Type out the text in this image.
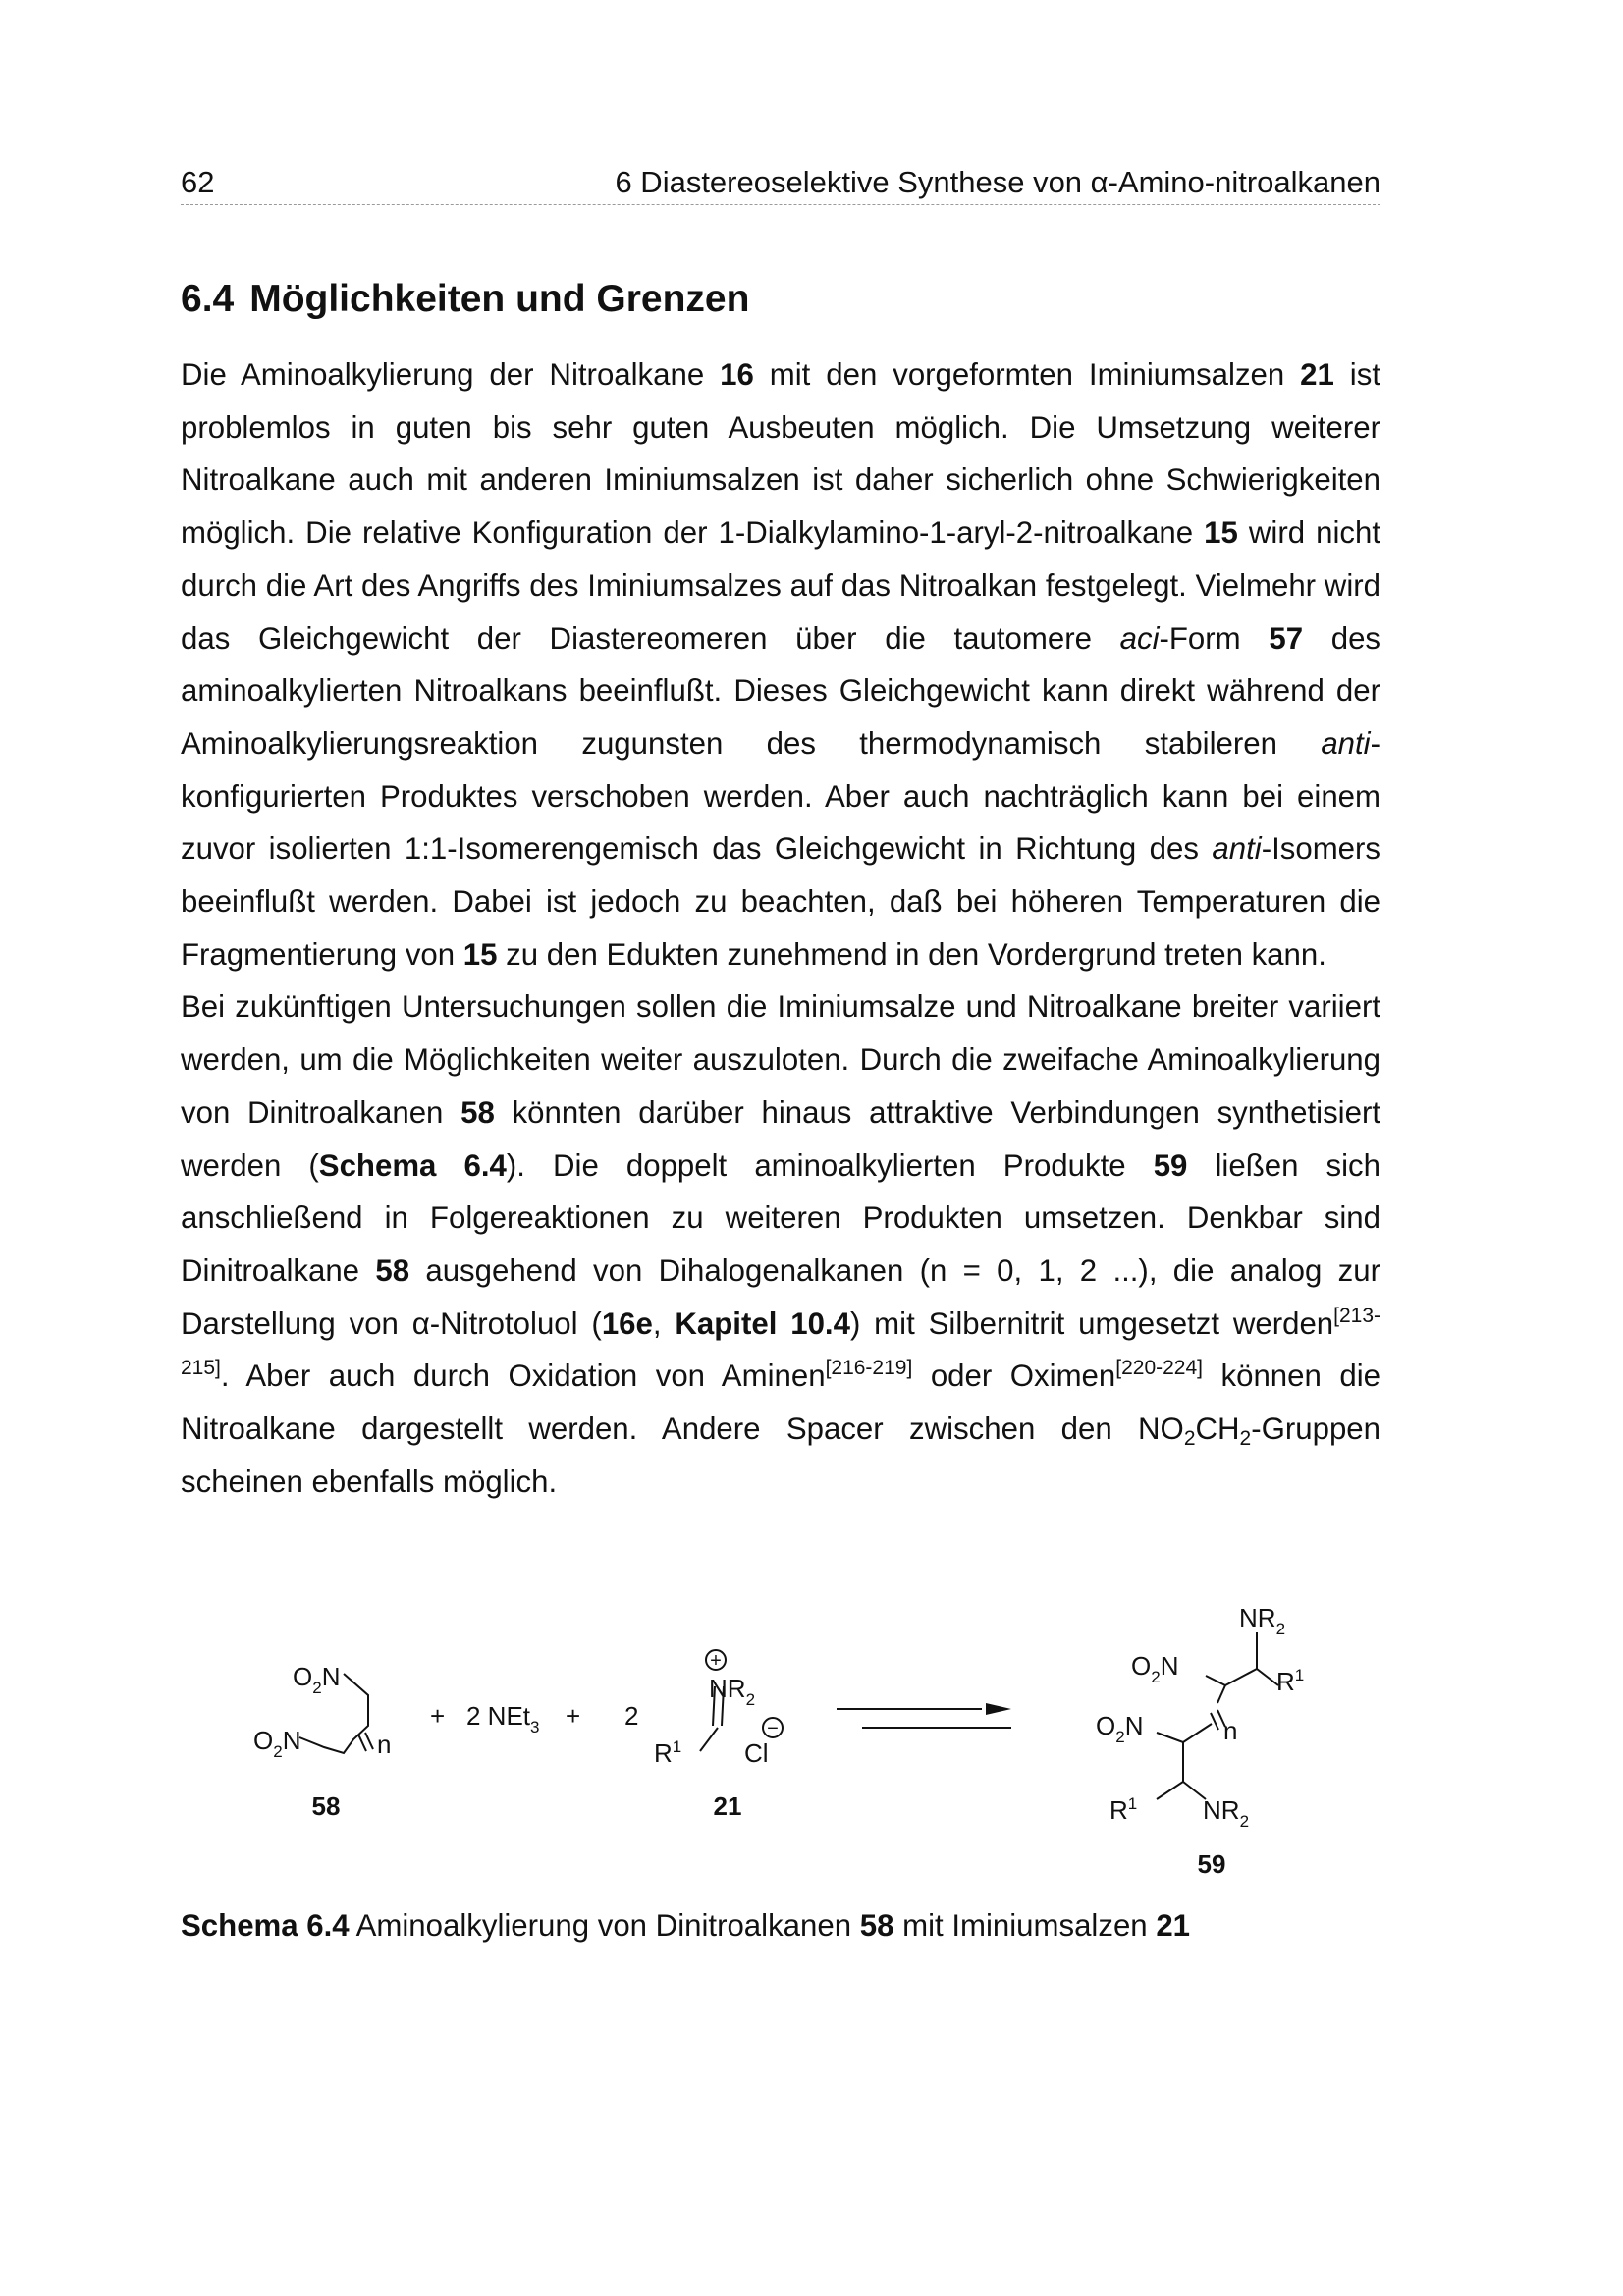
62	6 Diastereoselektive Synthese von α-Amino-nitroalkanen
6.4 Möglichkeiten und Grenzen

Die Aminoalkylierung der Nitroalkane 16 mit den vorgeformten Iminiumsalzen 21 ist problemlos in guten bis sehr guten Ausbeuten möglich. Die Umsetzung weiterer Nitroalkane auch mit anderen Iminiumsalzen ist daher sicherlich ohne Schwierigkeiten möglich. Die relative Konfiguration der 1-Dialkylamino-1-aryl-2-nitroalkane 15 wird nicht durch die Art des Angriffs des Iminiumsalzes auf das Nitroalkan festgelegt. Vielmehr wird das Gleichgewicht der Diastereomeren über die tautomere aci-Form 57 des aminoalkylierten Nitroalkans beeinflußt. Dieses Gleichgewicht kann direkt während der Aminoalkylierungsreaktion zugunsten des thermodynamisch stabileren anti-konfigurierten Produktes verschoben werden. Aber auch nachträglich kann bei einem zuvor isolierten 1:1-Isomerengemisch das Gleichgewicht in Richtung des anti-Isomers beeinflußt werden. Dabei ist jedoch zu beachten, daß bei höheren Temperaturen die Fragmentierung von 15 zu den Edukten zunehmend in den Vordergrund treten kann.

Bei zukünftigen Untersuchungen sollen die Iminiumsalze und Nitroalkane breiter variiert werden, um die Möglichkeiten weiter auszuloten. Durch die zweifache Aminoalkylierung von Dinitroalkanen 58 könnten darüber hinaus attraktive Verbindungen synthetisiert werden (Schema 6.4). Die doppelt aminoalkylierten Produkte 59 ließen sich anschließend in Folgereaktionen zu weiteren Produkten umsetzen. Denkbar sind Dinitroalkane 58 ausgehend von Dihalogenalkanen (n = 0, 1, 2 ...), die analog zur Darstellung von α-Nitrotoluol (16e, Kapitel 10.4) mit Silbernitrit umgesetzt werden[213-215]. Aber auch durch Oxidation von Aminen[216-219] oder Oximen[220-224] können die Nitroalkane dargestellt werden. Andere Spacer zwischen den $NO_2CH_2$-Gruppen scheinen ebenfalls möglich.

$O_2N$
$O_2N$	n
+ 2 NEt$_3$ + 2
+
$NR_2$
$R^1$ Cl
−
$NR_2$
$O_2N$
$R^1$
$O_2N$	n
$R^1$	$NR_2$
58	21
59
Schema 6.4 Aminoalkylierung von Dinitroalkanen 58 mit Iminiumsalzen 21
